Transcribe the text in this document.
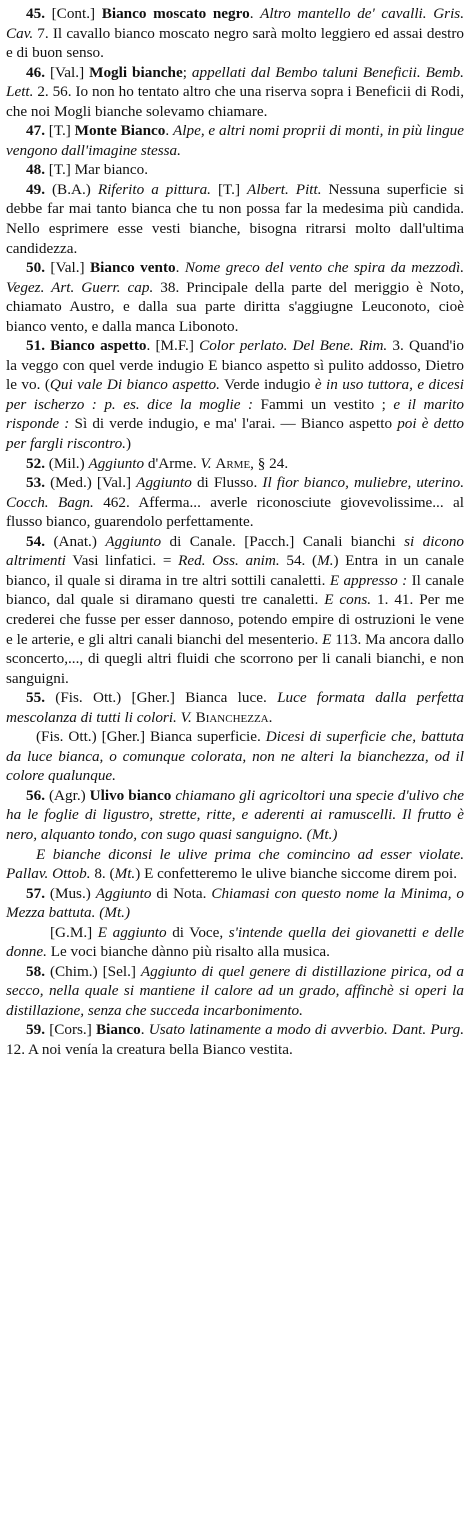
45. [Cont.] Bianco moscato negro. Altro mantello de' cavalli. Gris. Cav. 7. Il cavallo bianco moscato negro sarà molto leggiero ed assai destro e di buon senso.

46. [Val.] Mogli bianche; appellati dal Bembo taluni Beneficii. Bemb. Lett. 2. 56. Io non ho tentato altro che una riserva sopra i Beneficii di Rodi, che noi Mogli bianche solevamo chiamare.

47. [T.] Monte Bianco. Alpe, e altri nomi proprii di monti, in più lingue vengono dall'imagine stessa.

48. [T.] Mar bianco.

49. (B.A.) Riferito a pittura. [T.] Albert. Pitt. Nessuna superficie si debbe far mai tanto bianca che tu non possa far la medesima più candida. Nello esprimere esse vesti bianche, bisogna ritrarsi molto dall'ultima candidezza.

50. [Val.] Bianco vento. Nome greco del vento che spira da mezzodì. Vegez. Art. Guerr. cap. 38. Principale della parte del meriggio è Noto, chiamato Austro, e dalla sua parte diritta s'aggiugne Leuconoto, cioè bianco vento, e dalla manca Libonoto.

51. Bianco aspetto. [M.F.] Color perlato. Del Bene. Rim. 3. Quand'io la veggo con quel verde indugio E bianco aspetto sì pulito addosso, Dietro le vo. (Qui vale Di bianco aspetto. Verde indugio è in uso tuttora, e dicesi per ischerzo : p. es. dice la moglie : Fammi un vestito ; e il marito risponde : Sì di verde indugio, e ma' l'arai. — Bianco aspetto poi è detto per fargli riscontro.)

52. (Mil.) Aggiunto d'Arme. V. Arme, § 24.

53. (Med.) [Val.] Aggiunto di Flusso. Il fior bianco, muliebre, uterino. Cocch. Bagn. 462. Afferma... averle riconosciute giovevolissime... al flusso bianco, guarendolo perfettamente.

54. (Anat.) Aggiunto di Canale. [Pacch.] Canali bianchi si dicono altrimenti Vasi linfatici. = Red. Oss. anim. 54. (M.) Entra in un canale bianco, il quale si dirama in tre altri sottili canaletti. E appresso : Il canale bianco, dal quale si diramano questi tre canaletti. E cons. 1. 41. Per me crederei che fusse per esser dannoso, potendo empire di ostruzioni le vene e le arterie, e gli altri canali bianchi del mesenterio. E 113. Ma ancora dallo sconcerto,..., di quegli altri fluidi che scorrono per li canali bianchi, e non sanguigni.

55. (Fis. Ott.) [Gher.] Bianca luce. Luce formata dalla perfetta mescolanza di tutti li colori. V. Bianchezza.

(Fis. Ott.) [Gher.] Bianca superficie. Dicesi di superficie che, battuta da luce bianca, o comunque colorata, non ne alteri la bianchezza, od il colore qualunque.

56. (Agr.) Ulivo bianco chiamano gli agricoltori una specie d'ulivo che ha le foglie di ligustro, strette, ritte, e aderenti ai ramuscelli. Il frutto è nero, alquanto tondo, con sugo quasi sanguigno. (Mt.)

E bianche diconsi le ulive prima che comincino ad esser violate. Pallav. Ottob. 8. (Mt.) E confetteremo le ulive bianche siccome direm poi.

57. (Mus.) Aggiunto di Nota. Chiamasi con questo nome la Minima, o Mezza battuta. (Mt.)

[G.M.] E aggiunto di Voce, s'intende quella dei giovanetti e delle donne. Le voci bianche dànno più risalto alla musica.

58. (Chim.) [Sel.] Aggiunto di quel genere di distillazione pirica, od a secco, nella quale si mantiene il calore ad un grado, affinchè si operi la distillazione, senza che succeda incarbonimento.

59. [Cors.] Bianco. Usato latinamente a modo di avverbio. Dant. Purg. 12. A noi venía la creatura bella Bianco vestita.
